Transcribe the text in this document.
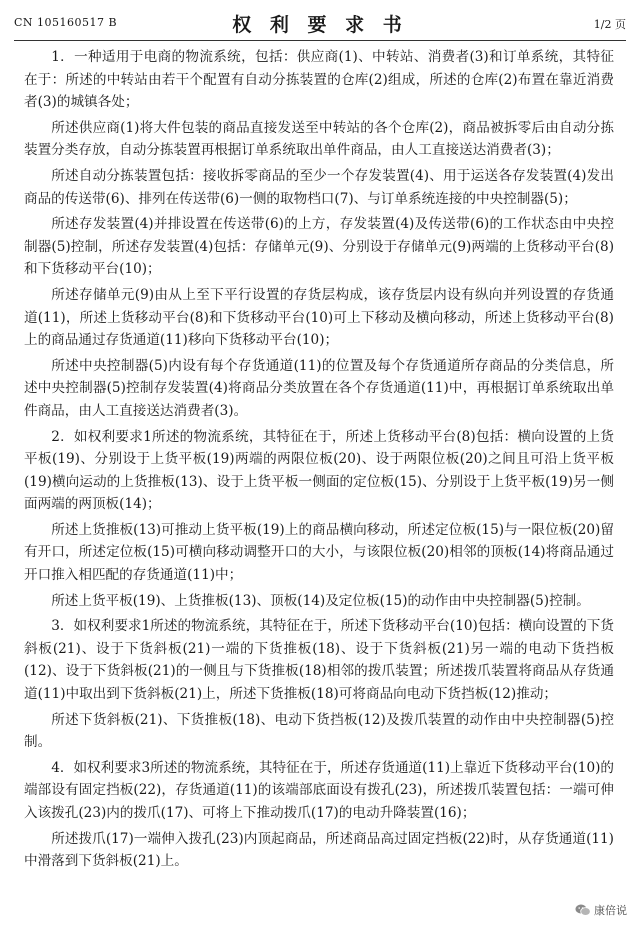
CN 105160517 B	权 利 要 求 书	1/2 页

1．一种适用于电商的物流系统，包括：供应商(1)、中转站、消费者(3)和订单系统，其特征在于：所述的中转站由若干个配置有自动分拣装置的仓库(2)组成，所述的仓库(2)布置在靠近消费者(3)的城镇各处；

所述供应商(1)将大件包装的商品直接发送至中转站的各个仓库(2)，商品被拆零后由自动分拣装置分类存放，自动分拣装置再根据订单系统取出单件商品，由人工直接送达消费者(3)；

所述自动分拣装置包括：接收拆零商品的至少一个存发装置(4)、用于运送各存发装置(4)发出商品的传送带(6)、排列在传送带(6)一侧的取物档口(7)、与订单系统连接的中央控制器(5)；

所述存发装置(4)并排设置在传送带(6)的上方，存发装置(4)及传送带(6)的工作状态由中央控制器(5)控制，所述存发装置(4)包括：存储单元(9)、分别设于存储单元(9)两端的上货移动平台(8)和下货移动平台(10)；

所述存储单元(9)由从上至下平行设置的存货层构成，该存货层内设有纵向并列设置的存货通道(11)，所述上货移动平台(8)和下货移动平台(10)可上下移动及横向移动，所述上货移动平台(8)上的商品通过存货通道(11)移向下货移动平台(10)；

所述中央控制器(5)内设有每个存货通道(11)的位置及每个存货通道所存商品的分类信息，所述中央控制器(5)控制存发装置(4)将商品分类放置在各个存货通道(11)中，再根据订单系统取出单件商品，由人工直接送达消费者(3)。

2．如权利要求1所述的物流系统，其特征在于，所述上货移动平台(8)包括：横向设置的上货平板(19)、分别设于上货平板(19)两端的两限位板(20)、设于两限位板(20)之间且可沿上货平板(19)横向运动的上货推板(13)、设于上货平板一侧面的定位板(15)、分别设于上货平板(19)另一侧面两端的两顶板(14)；

所述上货推板(13)可推动上货平板(19)上的商品横向移动，所述定位板(15)与一限位板(20)留有开口，所述定位板(15)可横向移动调整开口的大小，与该限位板(20)相邻的顶板(14)将商品通过开口推入相匹配的存货通道(11)中；

所述上货平板(19)、上货推板(13)、顶板(14)及定位板(15)的动作由中央控制器(5)控制。

3．如权利要求1所述的物流系统，其特征在于，所述下货移动平台(10)包括：横向设置的下货斜板(21)、设于下货斜板(21)一端的下货推板(18)、设于下货斜板(21)另一端的电动下货挡板(12)、设于下货斜板(21)的一侧且与下货推板(18)相邻的拨爪装置；所述拨爪装置将商品从存货通道(11)中取出到下货斜板(21)上，所述下货推板(18)可将商品向电动下货挡板(12)推动；

所述下货斜板(21)、下货推板(18)、电动下货挡板(12)及拨爪装置的动作由中央控制器(5)控制。

4．如权利要求3所述的物流系统，其特征在于，所述存货通道(11)上靠近下货移动平台(10)的端部设有固定挡板(22)，存货通道(11)的该端部底面设有拨孔(23)，所述拨爪装置包括：一端可伸入该拨孔(23)内的拨爪(17)、可将上下推动拨爪(17)的电动升降装置(16)；

所述拨爪(17)一端伸入拨孔(23)内顶起商品，所述商品高过固定挡板(22)时，从存货通道(11)中滑落到下货斜板(21)上。

康倍说
